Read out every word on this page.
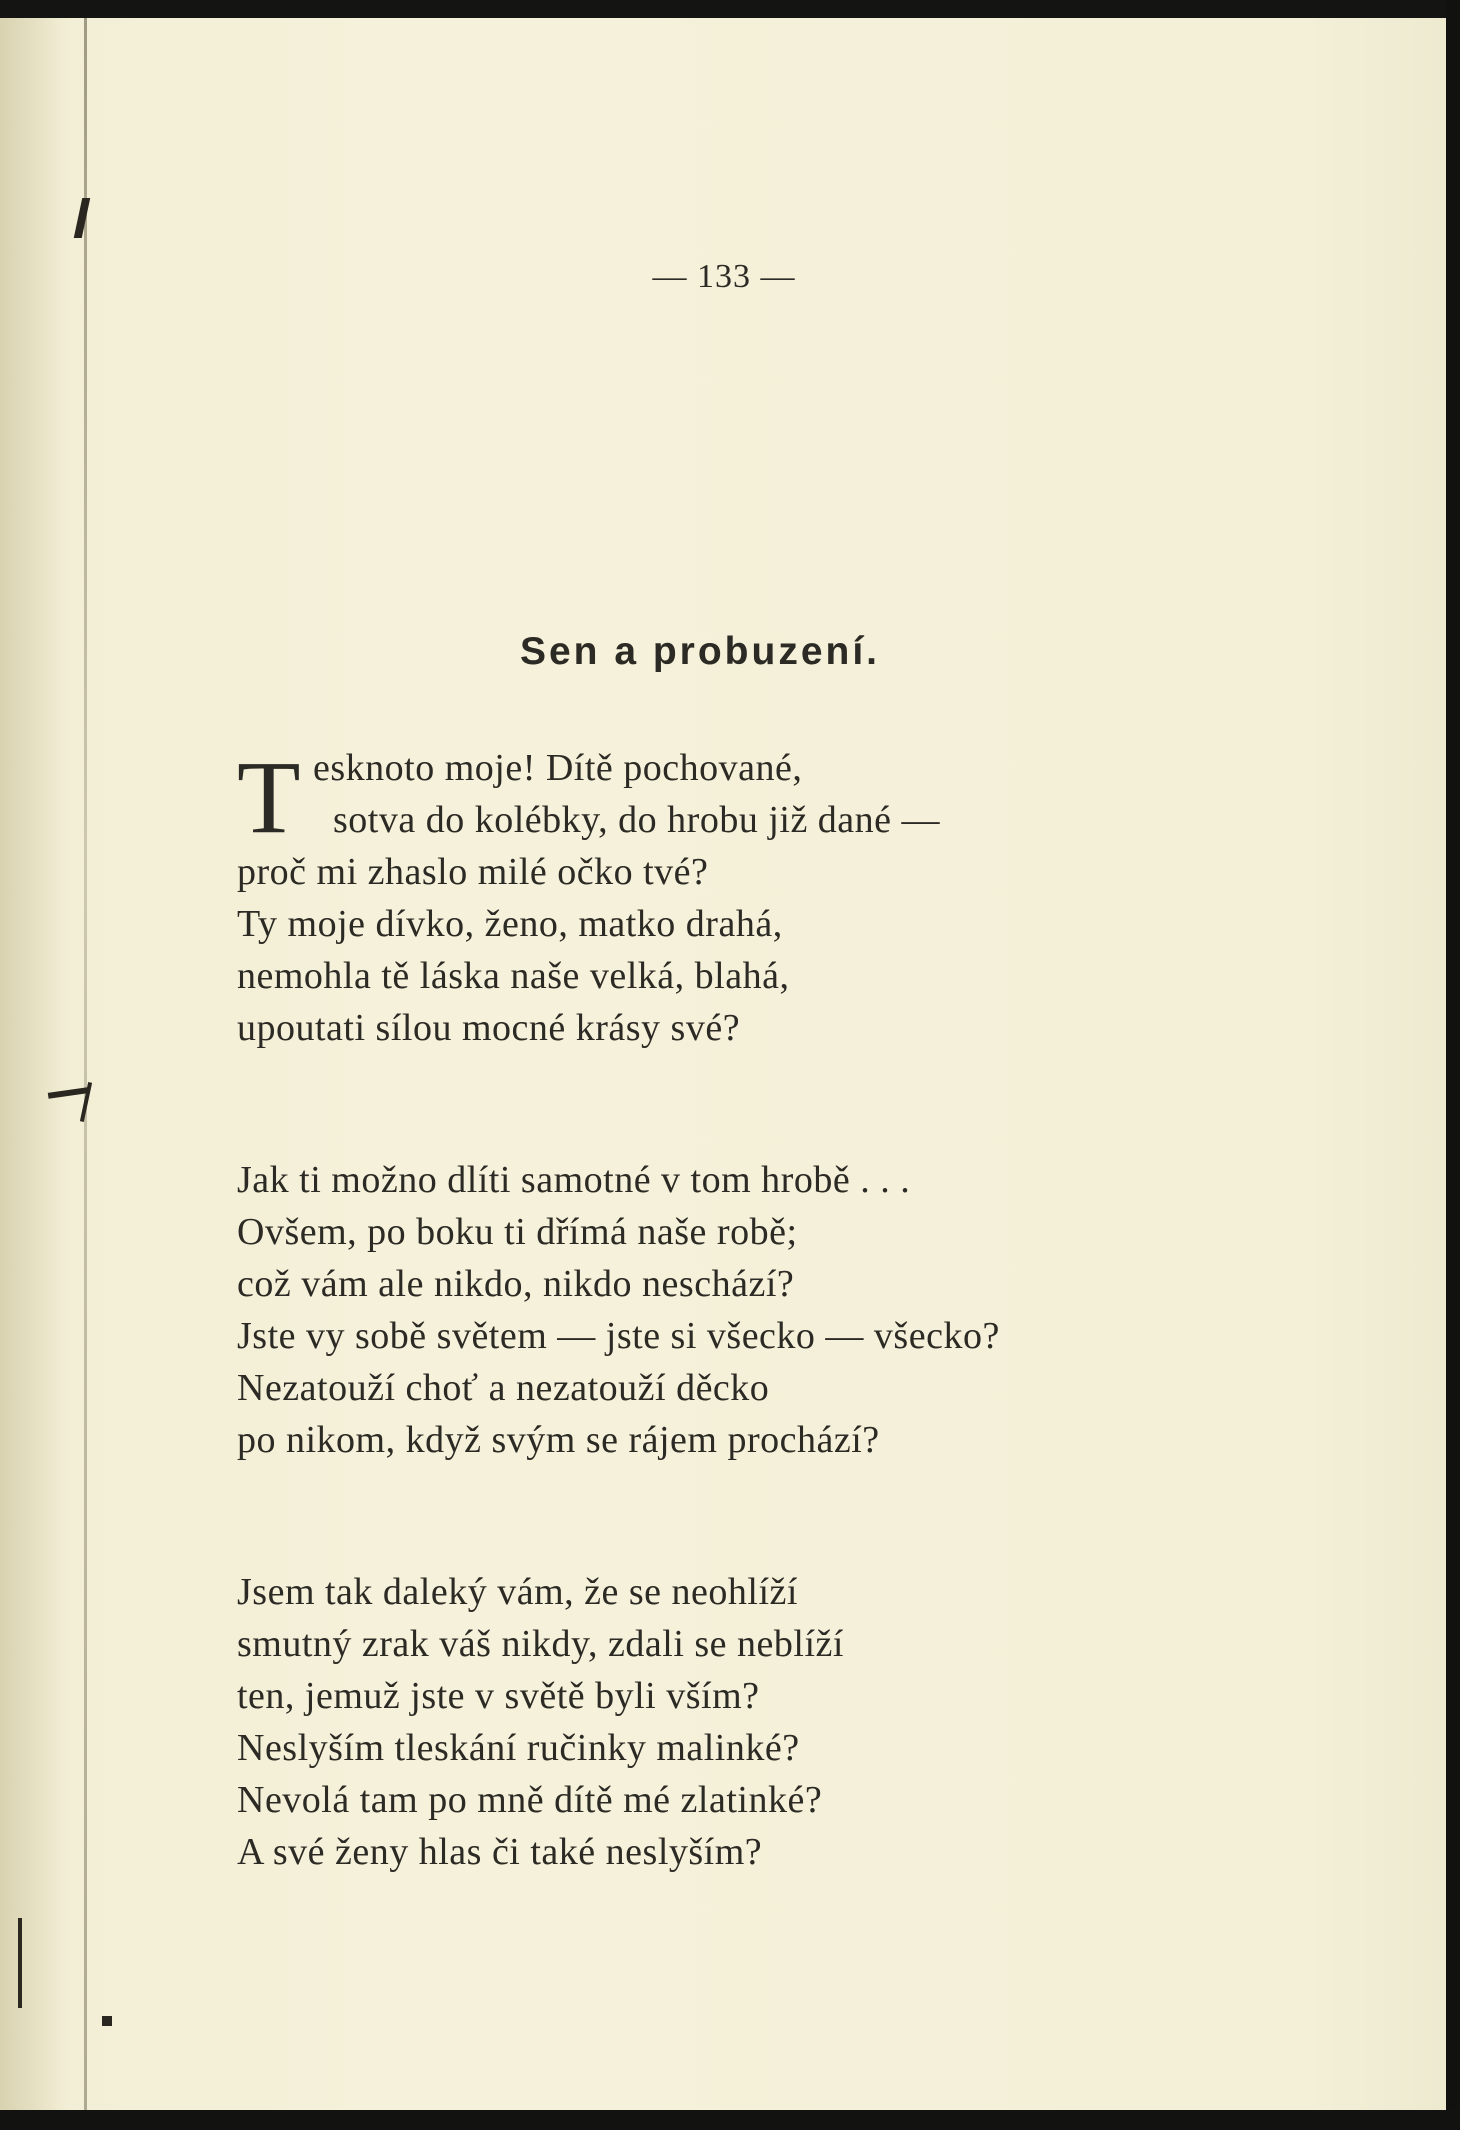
— 133 —
Sen a probuzení.
T esknoto moje! Dítě pochované,
sotva do kolébky, do hrobu již dané —
proč mi zhaslo milé očko tvé?
Ty moje dívko, ženo, matko drahá,
nemohla tě láska naše velká, blahá,
upoutati sílou mocné krásy své?
Jak ti možno dlíti samotné v tom hrobě . . .
Ovšem, po boku ti dřímá naše robě;
což vám ale nikdo, nikdo neschází?
Jste vy sobě světem — jste si všecko — všecko?
Nezatouží choť a nezatouží děcko
po nikom, když svým se rájem prochází?
Jsem tak daleký vám, že se neohlíží
smutný zrak váš nikdy, zdali se neblíží
ten, jemuž jste v světě byli vším?
Neslyším tleskání ručinky malinké?
Nevolá tam po mně dítě mé zlatinké?
A své ženy hlas či také neslyším?
